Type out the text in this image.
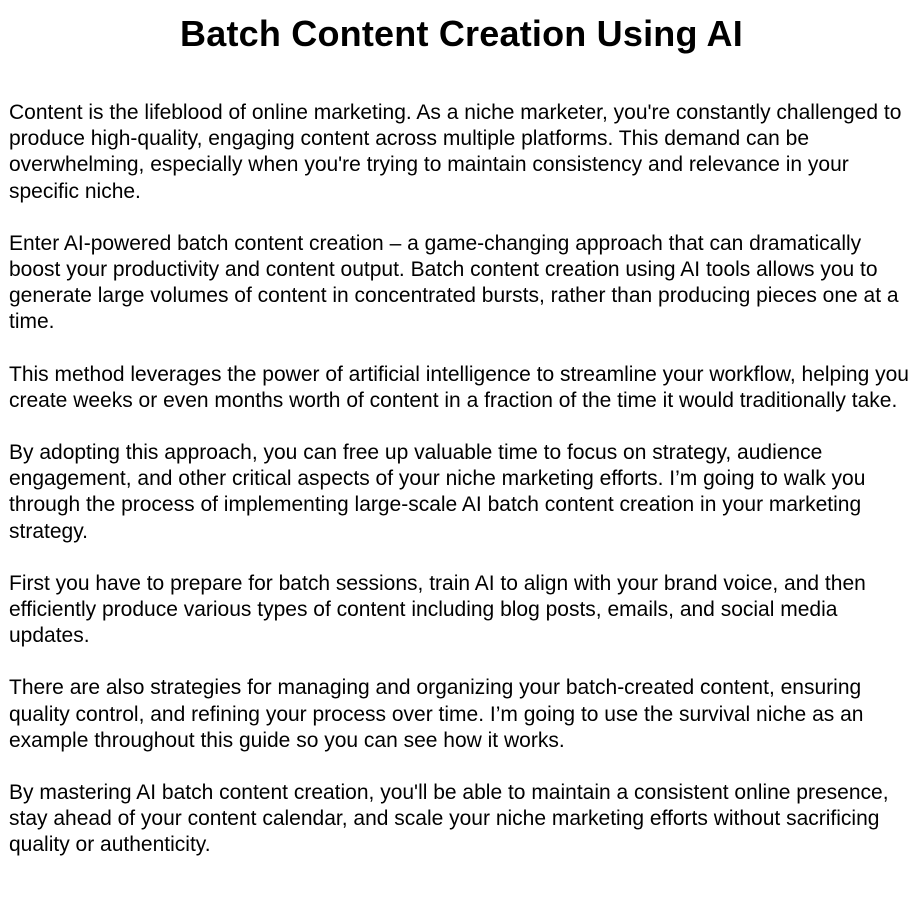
Batch Content Creation Using AI

Content is the lifeblood of online marketing. As a niche marketer, you're constantly challenged to produce high-quality, engaging content across multiple platforms. This demand can be overwhelming, especially when you're trying to maintain consistency and relevance in your specific niche.

Enter AI-powered batch content creation – a game-changing approach that can dramatically boost your productivity and content output. Batch content creation using AI tools allows you to generate large volumes of content in concentrated bursts, rather than producing pieces one at a time.

This method leverages the power of artificial intelligence to streamline your workflow, helping you create weeks or even months worth of content in a fraction of the time it would traditionally take.

By adopting this approach, you can free up valuable time to focus on strategy, audience engagement, and other critical aspects of your niche marketing efforts. I’m going to walk you through the process of implementing large-scale AI batch content creation in your marketing strategy.

First you have to prepare for batch sessions, train AI to align with your brand voice, and then efficiently produce various types of content including blog posts, emails, and social media updates.

There are also strategies for managing and organizing your batch-created content, ensuring quality control, and refining your process over time. I’m going to use the survival niche as an example throughout this guide so you can see how it works.

By mastering AI batch content creation, you'll be able to maintain a consistent online presence, stay ahead of your content calendar, and scale your niche marketing efforts without sacrificing quality or authenticity.
